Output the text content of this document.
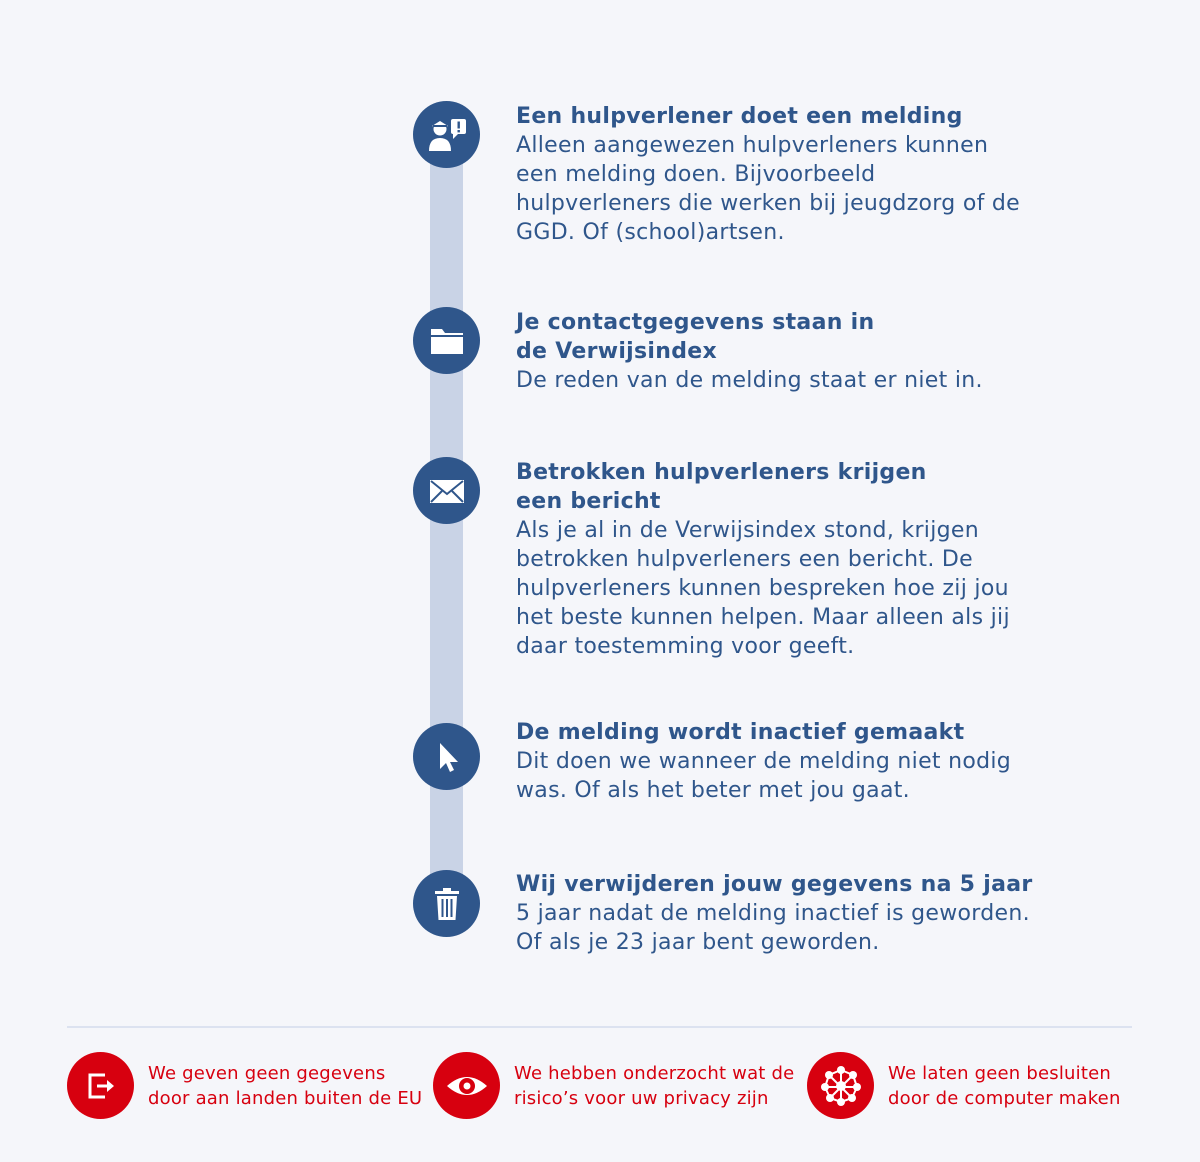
Een hulpverlener doet een melding
Alleen aangewezen hulpverleners kunnen
een melding doen. Bijvoorbeeld
hulpverleners die werken bij jeugdzorg of de
GGD. Of (school)artsen.
Je contactgegevens staan in
de Verwijsindex
De reden van de melding staat er niet in.
Betrokken hulpverleners krijgen
een bericht
Als je al in de Verwijsindex stond, krijgen
betrokken hulpverleners een bericht. De
hulpverleners kunnen bespreken hoe zij jou
het beste kunnen helpen. Maar alleen als jij
daar toestemming voor geeft.
De melding wordt inactief gemaakt
Dit doen we wanneer de melding niet nodig
was. Of als het beter met jou gaat.
Wij verwijderen jouw gegevens na 5 jaar
5 jaar nadat de melding inactief is geworden.
Of als je 23 jaar bent geworden.
We geven geen gegevens
door aan landen buiten de EU
We hebben onderzocht wat de
risico’s voor uw privacy zijn
We laten geen besluiten
door de computer maken
